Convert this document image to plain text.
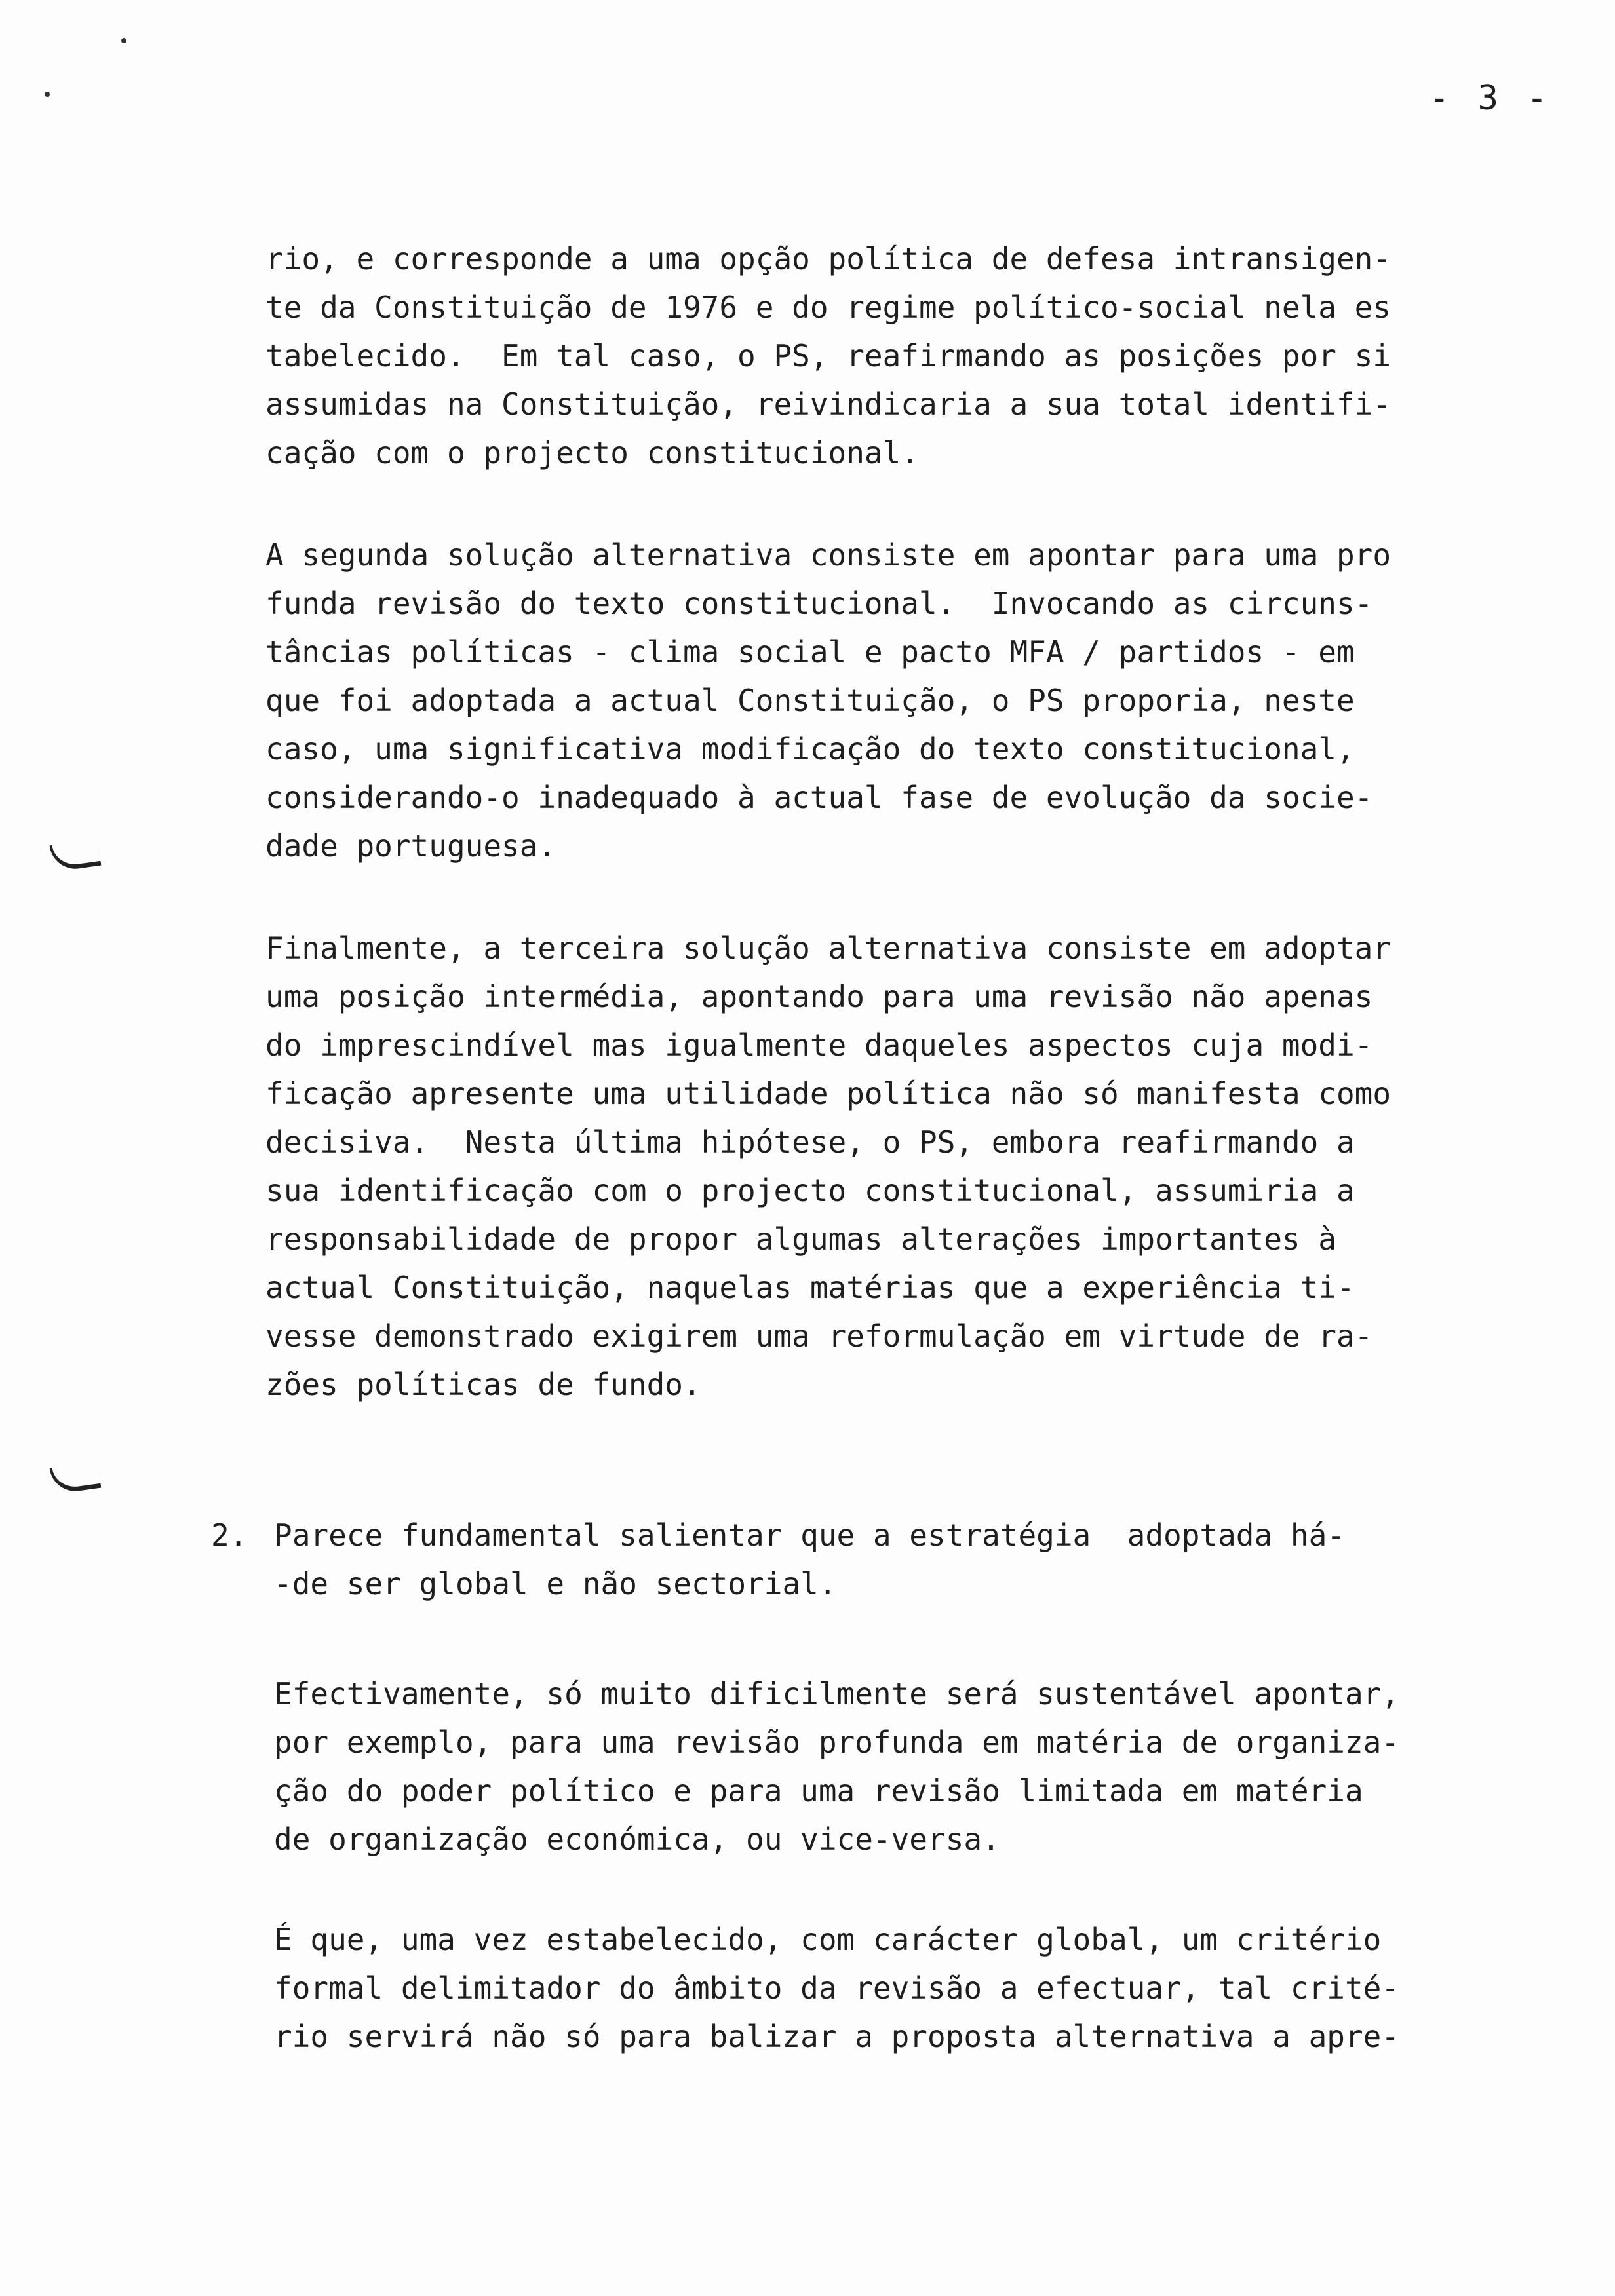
- 3 -

rio, e corresponde a uma opção política de defesa intransigen-
te da Constituição de 1976 e do regime político-social nela es
tabelecido.  Em tal caso, o PS, reafirmando as posições por si
assumidas na Constituição, reivindicaria a sua total identifi-
cação com o projecto constitucional.

A segunda solução alternativa consiste em apontar para uma pro
funda revisão do texto constitucional.  Invocando as circuns-
tâncias políticas - clima social e pacto MFA / partidos - em
que foi adoptada a actual Constituição, o PS proporia, neste
caso, uma significativa modificação do texto constitucional,
considerando-o inadequado à actual fase de evolução da socie-
dade portuguesa.

Finalmente, a terceira solução alternativa consiste em adoptar
uma posição intermédia, apontando para uma revisão não apenas
do imprescindível mas igualmente daqueles aspectos cuja modi-
ficação apresente uma utilidade política não só manifesta como
decisiva.  Nesta última hipótese, o PS, embora reafirmando a
sua identificação com o projecto constitucional, assumiria a
responsabilidade de propor algumas alterações importantes à
actual Constituição, naquelas matérias que a experiência ti-
vesse demonstrado exigirem uma reformulação em virtude de ra-
zões políticas de fundo.

2. Parece fundamental salientar que a estratégia  adoptada há-
-de ser global e não sectorial.

Efectivamente, só muito dificilmente será sustentável apontar,
por exemplo, para uma revisão profunda em matéria de organiza-
ção do poder político e para uma revisão limitada em matéria
de organização económica, ou vice-versa.

É que, uma vez estabelecido, com carácter global, um critério
formal delimitador do âmbito da revisão a efectuar, tal crité-
rio servirá não só para balizar a proposta alternativa a apre-
